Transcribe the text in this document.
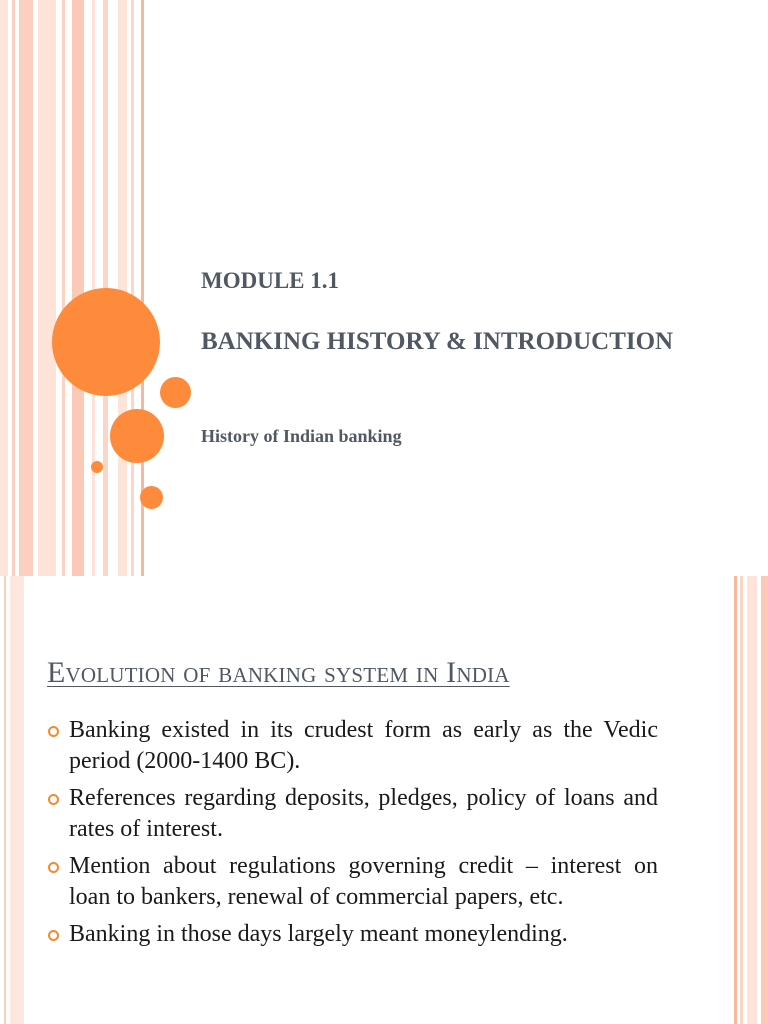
MODULE 1.1
BANKING HISTORY & INTRODUCTION
History of Indian banking
Evolution of banking system in India
Banking existed in its crudest form as early as the Vedic period (2000-1400 BC).
References regarding deposits, pledges, policy of loans and rates of interest.
Mention about regulations governing credit – interest on loan to bankers, renewal of commercial papers, etc.
Banking in those days largely meant moneylending.
